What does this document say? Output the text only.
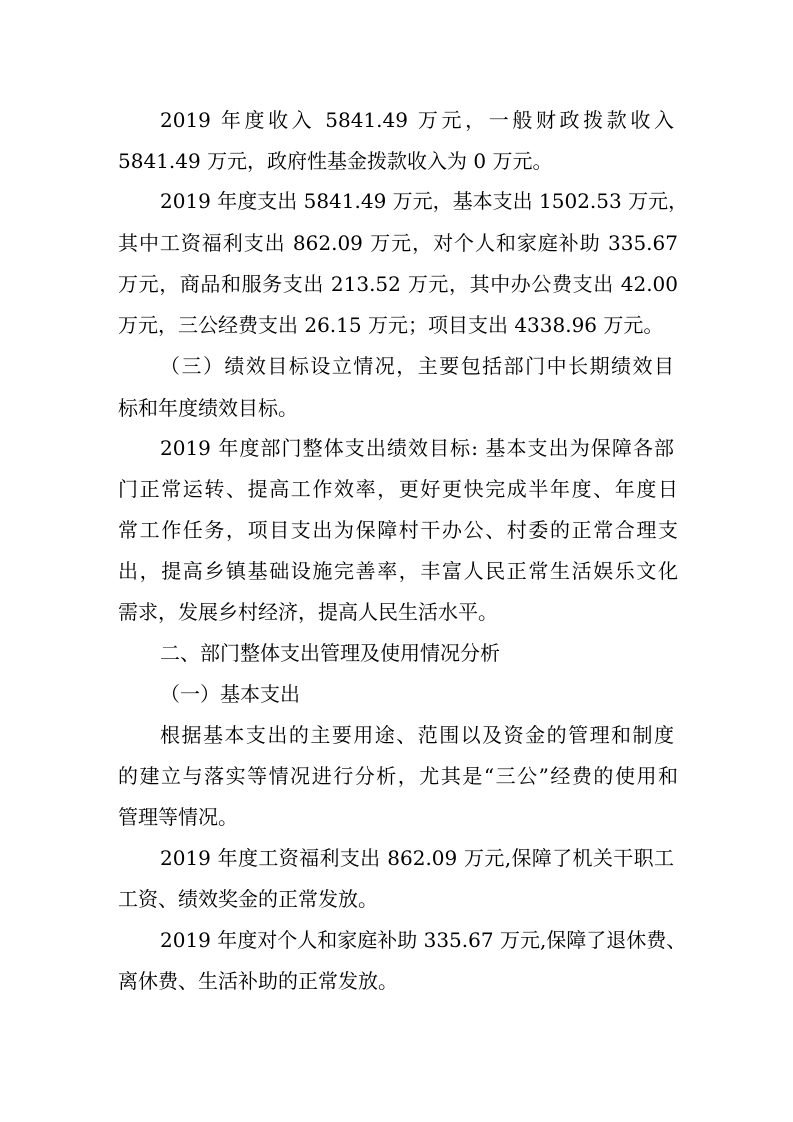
2019 年度收入 5841.49 万元，一般财政拨款收入
5841.49 万元，政府性基金拨款收入为 0 万元。
2019 年度支出 5841.49 万元，基本支出 1502.53 万元，
其中工资福利支出 862.09 万元，对个人和家庭补助 335.67
万元，商品和服务支出 213.52 万元，其中办公费支出 42.00
万元，三公经费支出 26.15 万元；项目支出 4338.96 万元。
（三）绩效目标设立情况，主要包括部门中长期绩效目
标和年度绩效目标。
2019 年度部门整体支出绩效目标: 基本支出为保障各部
门正常运转、提高工作效率，更好更快完成半年度、年度日
常工作任务，项目支出为保障村干办公、村委的正常合理支
出，提高乡镇基础设施完善率，丰富人民正常生活娱乐文化
需求，发展乡村经济，提高人民生活水平。
二、部门整体支出管理及使用情况分析
（一）基本支出
根据基本支出的主要用途、范围以及资金的管理和制度
的建立与落实等情况进行分析，尤其是“三公”经费的使用和
管理等情况。
2019 年度工资福利支出 862.09 万元,保障了机关干职工
工资、绩效奖金的正常发放。
2019 年度对个人和家庭补助 335.67 万元,保障了退休费、
离休费、生活补助的正常发放。
